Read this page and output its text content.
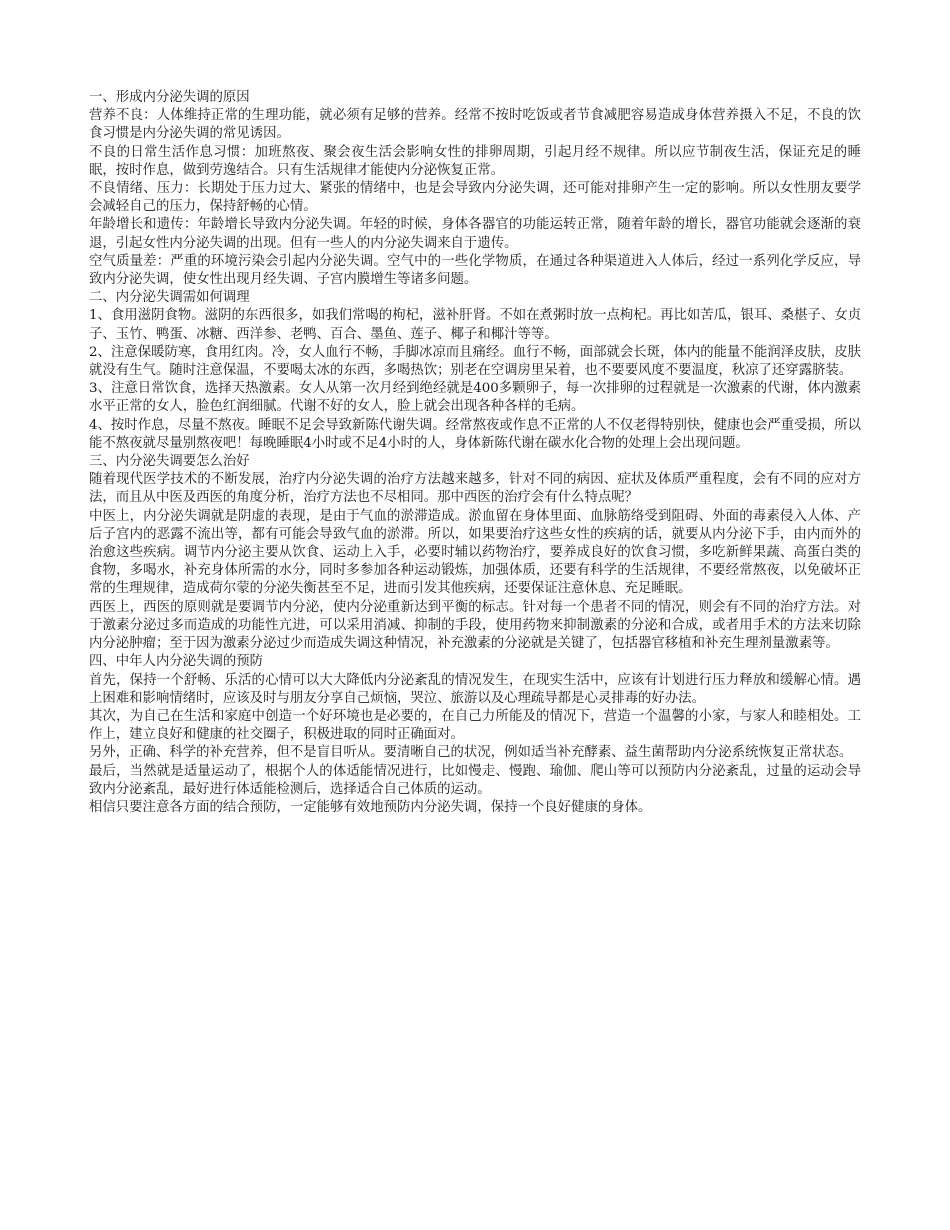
一、形成内分泌失调的原因

营养不良：人体维持正常的生理功能，就必须有足够的营养。经常不按时吃饭或者节食减肥容易造成身体营养摄入不足，不良的饮食习惯是内分泌失调的常见诱因。

不良的日常生活作息习惯：加班熬夜、聚会夜生活会影响女性的排卵周期，引起月经不规律。所以应节制夜生活，保证充足的睡眠，按时作息，做到劳逸结合。只有生活规律才能使内分泌恢复正常。

不良情绪、压力：长期处于压力过大、紧张的情绪中，也是会导致内分泌失调，还可能对排卵产生一定的影响。所以女性朋友要学会减轻自己的压力，保持舒畅的心情。

年龄增长和遗传：年龄增长导致内分泌失调。年轻的时候，身体各器官的功能运转正常，随着年龄的增长，器官功能就会逐渐的衰退，引起女性内分泌失调的出现。但有一些人的内分泌失调来自于遗传。

空气质量差：严重的环境污染会引起内分泌失调。空气中的一些化学物质，在通过各种渠道进入人体后，经过一系列化学反应，导致内分泌失调，使女性出现月经失调、子宫内膜增生等诸多问题。

二、内分泌失调需如何调理

1、食用滋阴食物。滋阴的东西很多，如我们常喝的枸杞，滋补肝肾。不如在煮粥时放一点枸杞。再比如苦瓜，银耳、桑椹子、女贞子、玉竹、鸭蛋、冰糖、西洋参、老鸭、百合、墨鱼、莲子、椰子和椰汁等等。

2、注意保暖防寒，食用红肉。冷，女人血行不畅，手脚冰凉而且痛经。血行不畅，面部就会长斑，体内的能量不能润泽皮肤，皮肤就没有生气。随时注意保温，不要喝太冰的东西，多喝热饮；别老在空调房里呆着，也不要要风度不要温度，秋凉了还穿露脐装。

3、注意日常饮食，选择天热激素。女人从第一次月经到绝经就是400多颗卵子，每一次排卵的过程就是一次激素的代谢，体内激素水平正常的女人，脸色红润细腻。代谢不好的女人，脸上就会出现各种各样的毛病。

4、按时作息，尽量不熬夜。睡眠不足会导致新陈代谢失调。经常熬夜或作息不正常的人不仅老得特别快，健康也会严重受损，所以能不熬夜就尽量别熬夜吧！每晚睡眠4小时或不足4小时的人，身体新陈代谢在碳水化合物的处理上会出现问题。

三、内分泌失调要怎么治好

随着现代医学技术的不断发展，治疗内分泌失调的治疗方法越来越多，针对不同的病因、症状及体质严重程度，会有不同的应对方法，而且从中医及西医的角度分析，治疗方法也不尽相同。那中西医的治疗会有什么特点呢？

中医上，内分泌失调就是阴虚的表现，是由于气血的淤滞造成。淤血留在身体里面、血脉筋络受到阻碍、外面的毒素侵入人体、产后子宫内的恶露不流出等，都有可能会导致气血的淤滞。所以，如果要治疗这些女性的疾病的话，就要从内分泌下手，由内而外的治愈这些疾病。调节内分泌主要从饮食、运动上入手，必要时辅以药物治疗，要养成良好的饮食习惯，多吃新鲜果蔬、高蛋白类的食物，多喝水，补充身体所需的水分，同时多参加各种运动锻炼，加强体质，还要有科学的生活规律，不要经常熬夜，以免破坏正常的生理规律，造成荷尔蒙的分泌失衡甚至不足，进而引发其他疾病，还要保证注意休息、充足睡眠。

西医上，西医的原则就是要调节内分泌，使内分泌重新达到平衡的标志。针对每一个患者不同的情况，则会有不同的治疗方法。对于激素分泌过多而造成的功能性亢进，可以采用消减、抑制的手段，使用药物来抑制激素的分泌和合成，或者用手术的方法来切除内分泌肿瘤；至于因为激素分泌过少而造成失调这种情况，补充激素的分泌就是关键了，包括器官移植和补充生理剂量激素等。

四、中年人内分泌失调的预防

首先，保持一个舒畅、乐活的心情可以大大降低内分泌紊乱的情况发生，在现实生活中，应该有计划进行压力释放和缓解心情。遇上困难和影响情绪时，应该及时与朋友分享自己烦恼，哭泣、旅游以及心理疏导都是心灵排毒的好办法。

其次，为自己在生活和家庭中创造一个好环境也是必要的，在自己力所能及的情况下，营造一个温馨的小家，与家人和睦相处。工作上，建立良好和健康的社交圈子，积极进取的同时正确面对。

另外，正确、科学的补充营养，但不是盲目听从。要清晰自己的状况，例如适当补充酵素、益生菌帮助内分泌系统恢复正常状态。

最后，当然就是适量运动了，根据个人的体适能情况进行，比如慢走、慢跑、瑜伽、爬山等可以预防内分泌紊乱，过量的运动会导致内分泌紊乱，最好进行体适能检测后，选择适合自己体质的运动。

相信只要注意各方面的结合预防，一定能够有效地预防内分泌失调，保持一个良好健康的身体。
